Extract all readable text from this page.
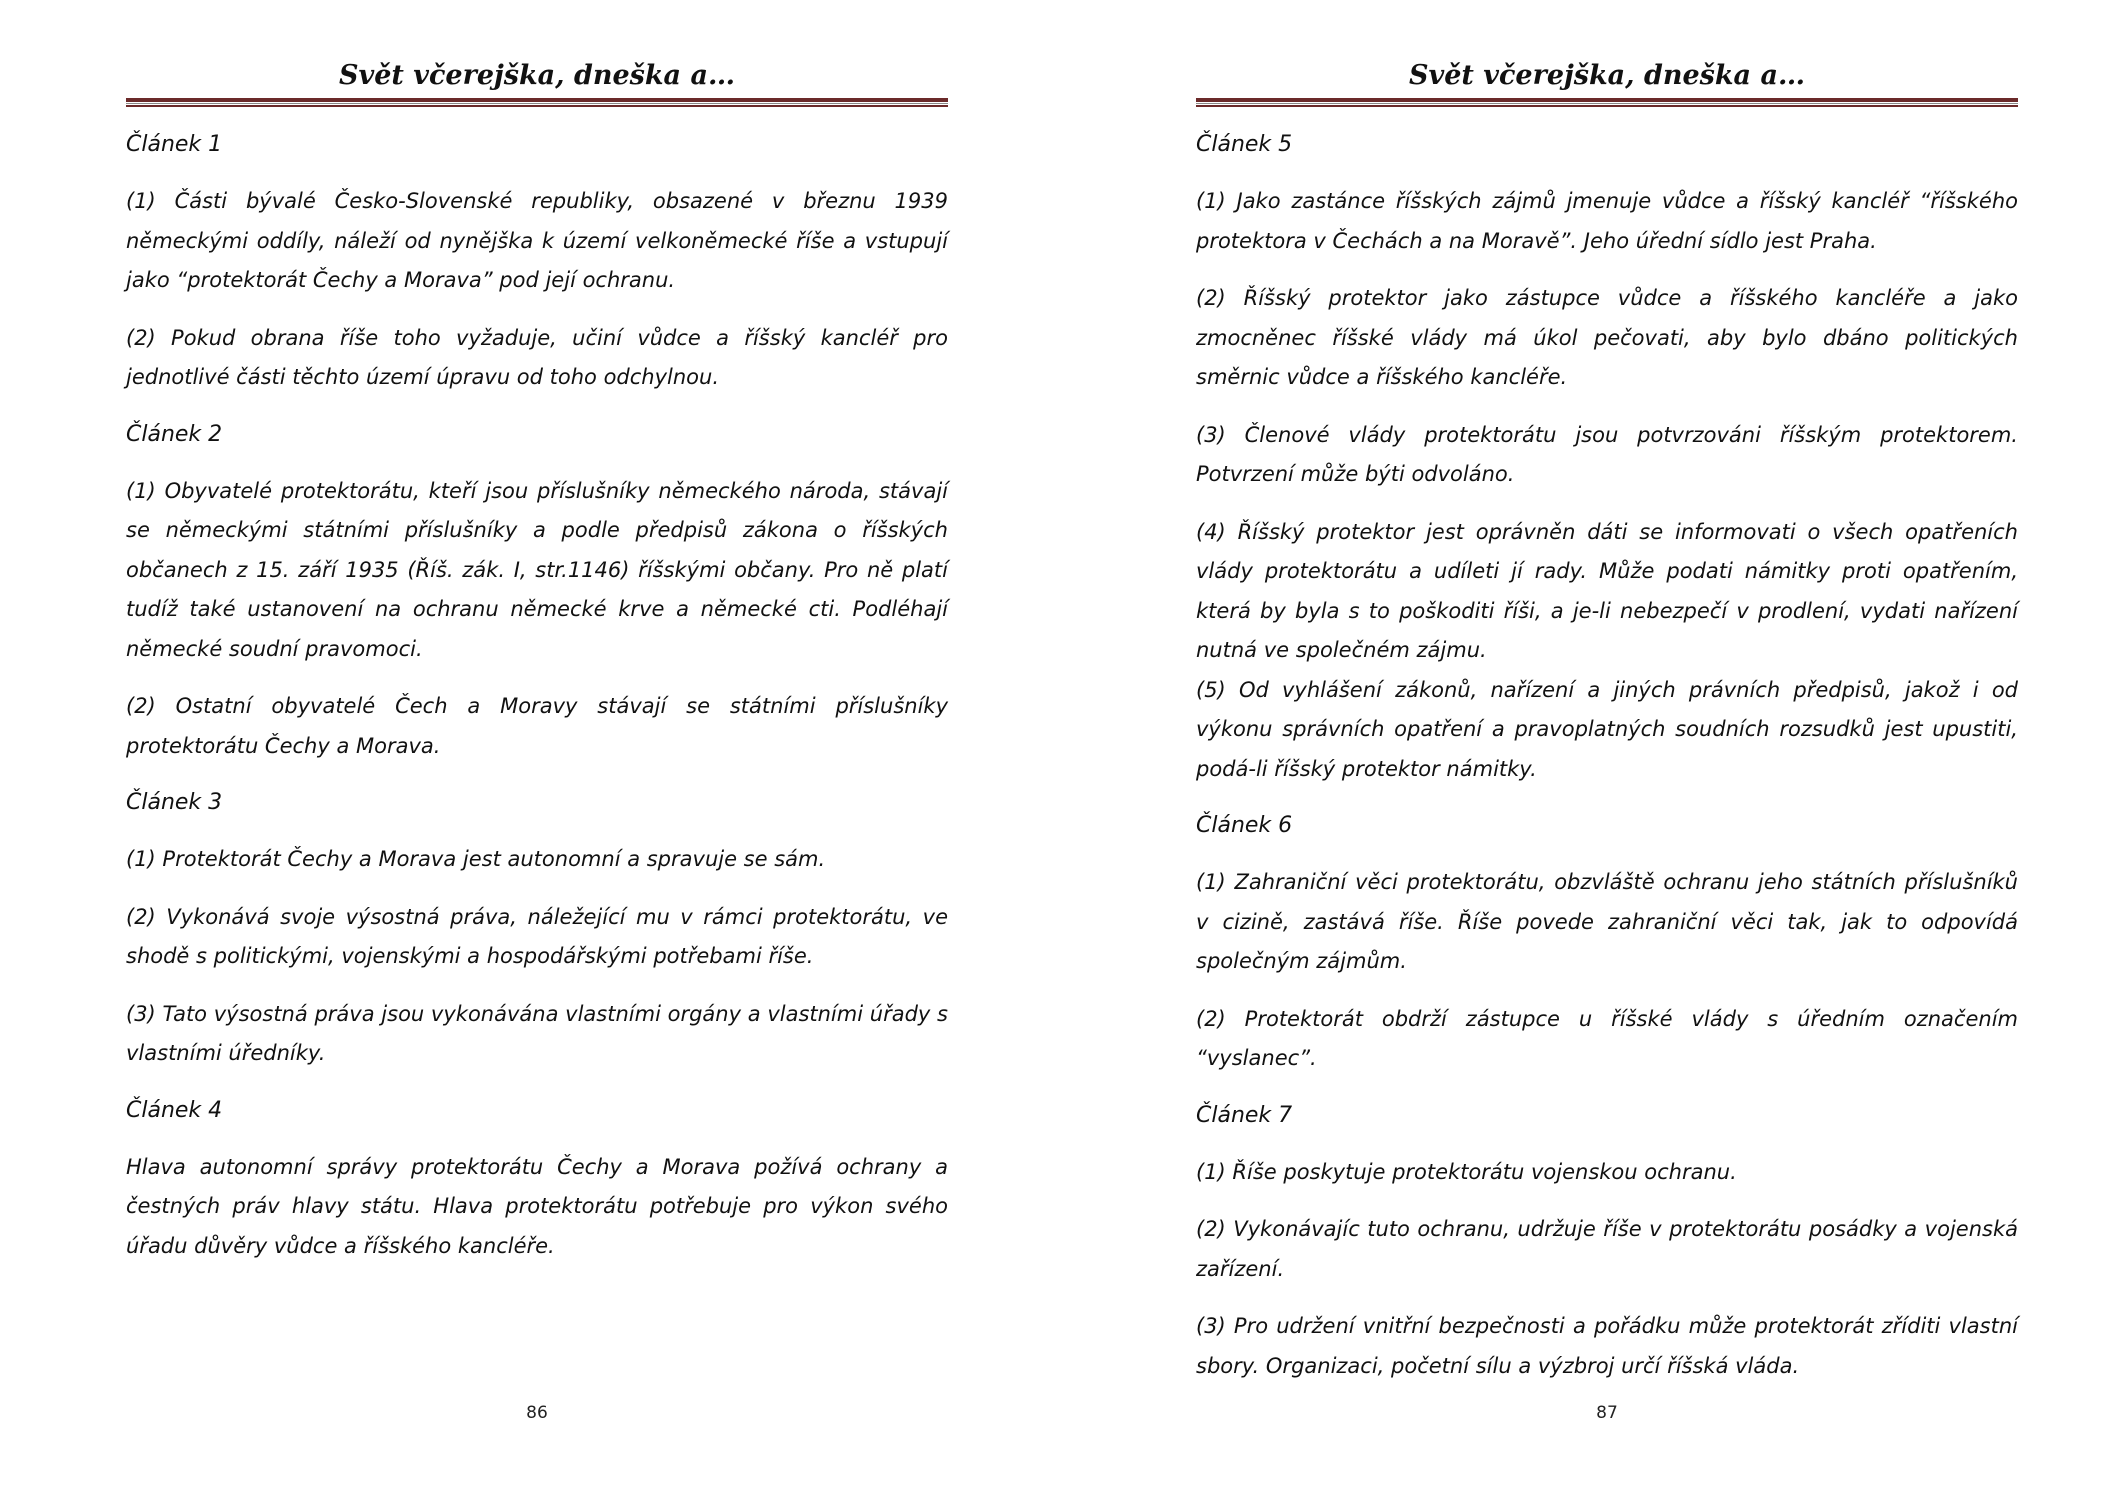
Svět včerejška, dneška a…
Článek 1
(1) Části bývalé Česko-Slovenské republiky, obsazené v březnu 1939 německými oddíly, náleží od nynějška k území velkoněmecké říše a vstupují jako “protektorát Čechy a Morava” pod její ochranu.
(2) Pokud obrana říše toho vyžaduje, učiní vůdce a říšský kancléř pro jednotlivé části těchto území úpravu od toho odchylnou.
Článek 2
(1) Obyvatelé protektorátu, kteří jsou příslušníky německého národa, stávají se německými státními příslušníky a podle předpisů zákona o říšských občanech z 15. září 1935 (Říš. zák. I, str.1146) říšskými občany. Pro ně platí tudíž také ustanovení na ochranu německé krve a německé cti. Podléhají německé soudní pravomoci.
(2) Ostatní obyvatelé Čech a Moravy stávají se státními příslušníky protektorátu Čechy a Morava.
Článek 3
(1) Protektorát Čechy a Morava jest autonomní a spravuje se sám.
(2) Vykonává svoje výsostná práva, náležející mu v rámci protektorátu, ve shodě s politickými, vojenskými a hospodářskými potřebami říše.
(3) Tato výsostná práva jsou vykonávána vlastními orgány a vlastními úřady s vlastními úředníky.
Článek 4
Hlava autonomní správy protektorátu Čechy a Morava požívá ochrany a čestných práv hlavy státu. Hlava protektorátu potřebuje pro výkon svého úřadu důvěry vůdce a říšského kancléře.
86
Svět včerejška, dneška a…
Článek 5
(1) Jako zastánce říšských zájmů jmenuje vůdce a říšský kancléř “říšského protektora v Čechách a na Moravě”. Jeho úřední sídlo jest Praha.
(2) Říšský protektor jako zástupce vůdce a říšského kancléře a jako zmocněnec říšské vlády má úkol pečovati, aby bylo dbáno politických směrnic vůdce a říšského kancléře.
(3) Členové vlády protektorátu jsou potvrzováni říšským protektorem. Potvrzení může býti odvoláno.
(4) Říšský protektor jest oprávněn dáti se informovati o všech opatřeních vlády protektorátu a udíleti jí rady. Může podati námitky proti opatřením, která by byla s to poškoditi říši, a je-li nebezpečí v prodlení, vydati nařízení nutná ve společném zájmu.
(5) Od vyhlášení zákonů, nařízení a jiných právních předpisů, jakož i od výkonu správních opatření a pravoplatných soudních rozsudků jest upustiti, podá-li říšský protektor námitky.
Článek 6
(1) Zahraniční věci protektorátu, obzvláště ochranu jeho státních příslušníků v cizině, zastává říše. Říše povede zahraniční věci tak, jak to odpovídá společným zájmům.
(2) Protektorát obdrží zástupce u říšské vlády s úředním označením “vyslanec”.
Článek 7
(1) Říše poskytuje protektorátu vojenskou ochranu.
(2) Vykonávajíc tuto ochranu, udržuje říše v protektorátu posádky a vojenská zařízení.
(3) Pro udržení vnitřní bezpečnosti a pořádku může protektorát zříditi vlastní sbory. Organizaci, početní sílu a výzbroj určí říšská vláda.
87
